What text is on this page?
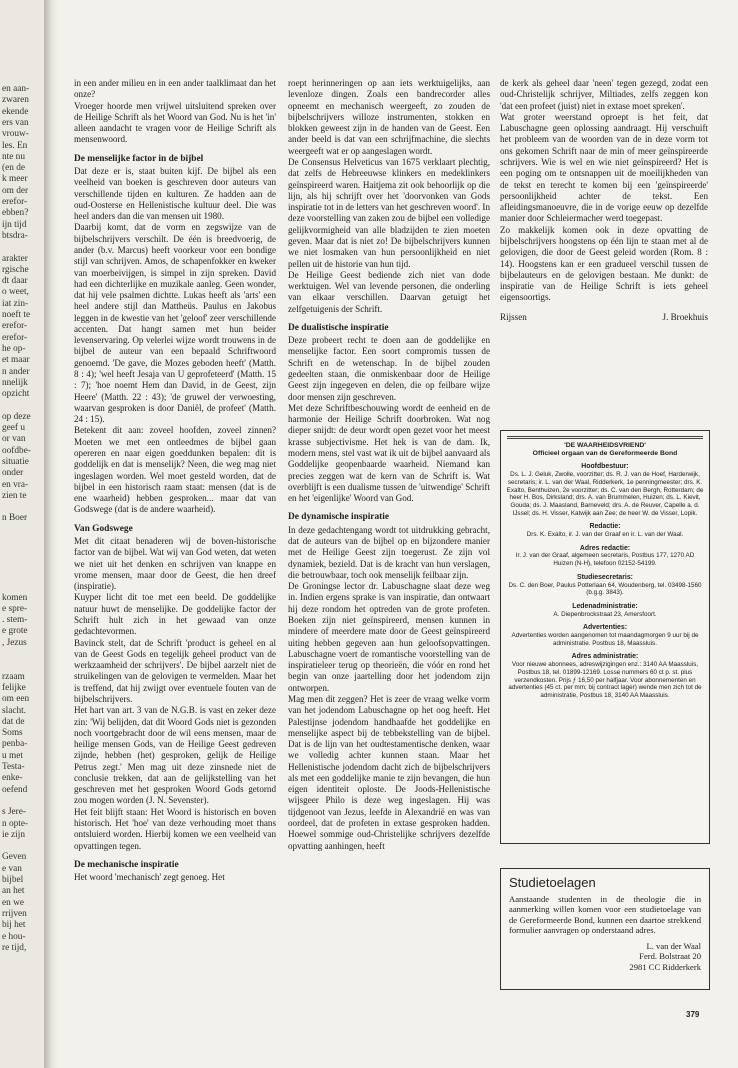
en aan-
zwaren
ekende
ers van
vrouw-
les. En
nte nu
(en de
k meer
om der
erefor-
ebben?
ijn tijd
btsdra-
arakter
rgische
dt daar
o weet,
iat zin-
noeft te
erefor-
erefor-
he op-
et maar
n ander
nnelijk
opzicht
op deze
geef u
or van
oofdbe-
situatie
onder
en vra-
zien te
n Boer
komen
e spre-
. stem-
e grote
, Jezus
rzaam
felijke
om een
slacht.
dat de
Soms
penba-
u met
Testa-
enke-
oefend
s Jere-
n opte-
ie zijn
Geven
e van
bijbel
an het
en we
rrijven
bij het
e hou-
re tijd,

in een ander milieu en in een ander taalklimaat dan het onze?

Vroeger hoorde men vrijwel uitsluitend spreken over de Heilige Schrift als het Woord van God. Nu is het 'in' alleen aandacht te vragen voor de Heilige Schrift als mensenwoord.

De menselijke factor in de bijbel

Dat deze er is, staat buiten kijf. De bijbel als een veelheid van boeken is geschreven door auteurs van verschillende tijden en kulturen. Ze hadden aan de oud-Oosterse en Hellenistische kultuur deel. Die was heel anders dan die van mensen uit 1980.

Daarbij komt, dat de vorm en zegswijze van de bijbelschrijvers verschilt. De één is breedvoerig, de ander (b.v. Marcus) heeft voorkeur voor een bondige stijl van schrijven. Amos, de schapenfokker en kweker van moerbeivijgen, is simpel in zijn spreken. David had een dichterlijke en muzikale aanleg. Geen wonder, dat hij vele psalmen dichtte. Lukas heeft als 'arts' een heel andere stijl dan Mattheüs. Paulus en Jakobus leggen in de kwestie van het 'geloof' zeer verschillende accenten. Dat hangt samen met hun beider levenservaring. Op velerlei wijze wordt trouwens in de bijbel de auteur van een bepaald Schriftwoord genoemd. 'De gave, die Mozes geboden heeft' (Matth. 8 : 4); 'wel heeft Jesaja van U geprofeteerd' (Matth. 15 : 7); 'hoe noemt Hem dan David, in de Geest, zijn Heere' (Matth. 22 : 43); 'de gruwel der verwoesting, waarvan gesproken is door Daniël, de profeet' (Matth. 24 : 15).

Betekent dit aan: zoveel hoofden, zoveel zinnen? Moeten we met een ontleedmes de bijbel gaan opereren en naar eigen goeddunken bepalen: dit is goddelijk en dat is menselijk? Neen, die weg mag niet ingeslagen worden. Wel moet gesteld worden, dat de bijbel in een historisch raam staat: mensen (dat is de ene waarheid) hebben gesproken... maar dat van Godswege (dat is de andere waarheid).

Van Godswege

Met dit citaat benaderen wij de boven-historische factor van de bijbel. Wat wij van God weten, dat weten we niet uit het denken en schrijven van knappe en vrome mensen, maar door de Geest, die hen dreef (inspiratie).

Kuyper licht dit toe met een beeld. De goddelijke natuur huwt de menselijke. De goddelijke factor der Schrift hult zich in het gewaad van onze gedachtevormen.

Bavinck stelt, dat de Schrift 'product is geheel en al van de Geest Gods en tegelijk geheel product van de werkzaamheid der schrijvers'. De bijbel aarzelt niet de struikelingen van de gelovigen te vermelden. Maar het is treffend, dat hij zwijgt over eventuele fouten van de bijbelschrijvers.

Het hart van art. 3 van de N.G.B. is vast en zeker deze zin: 'Wij belijden, dat dit Woord Gods niet is gezonden noch voortgebracht door de wil eens mensen, maar de heilige mensen Gods, van de Heilige Geest gedreven zijnde, hebben (het) gesproken, gelijk de Heilige Petrus zegt.' Men mag uit deze zinsnede niet de conclusie trekken, dat aan de gelijkstelling van het geschreven met het gesproken Woord Gods getornd zou mogen worden (J. N. Sevenster).

Het feit blijft staan: Het Woord is historisch en boven historisch. Het 'hoe' van deze verhouding moet thans ontsluierd worden. Hierbij komen we een veelheid van opvattingen tegen.

De mechanische inspiratie

Het woord 'mechanisch' zegt genoeg. Het

roept herinneringen op aan iets werktuigelijks, aan levenloze dingen. Zoals een bandrecorder alles opneemt en mechanisch weergeeft, zo zouden de bijbelschrijvers willoze instrumenten, stokken en blokken geweest zijn in de handen van de Geest. Een ander beeld is dat van een schrijfmachine, die slechts weergeeft wat er op aangeslagen wordt.

De Consensus Helveticus van 1675 verklaart plechtig, dat zelfs de Hebreeuwse klinkers en medeklinkers geïnspireerd waren. Haitjema zit ook behoorlijk op die lijn, als hij schrijft over het 'doorvonken van Gods inspiratie tot in de letters van het geschreven woord'. In deze voorstelling van zaken zou de bijbel een volledige gelijkvormigheid van alle bladzijden te zien moeten geven. Maar dat is niet zo! De bijbelschrijvers kunnen we niet losmaken van hun persoonlijkheid en niet pellen uit de historie van hun tijd.

De Heilige Geest bediende zich niet van dode werktuigen. Wel van levende personen, die onderling van elkaar verschillen. Daarvan getuigt het zelfgetuigenis der Schrift.

De dualistische inspiratie

Deze probeert recht te doen aan de goddelijke en menselijke factor. Een soort compromis tussen de Schrift en de wetenschap. In de bijbel zouden gedeelten staan, die onmiskenbaar door de Heilige Geest zijn ingegeven en delen, die op feilbare wijze door mensen zijn geschreven.

Met deze Schriftbeschouwing wordt de eenheid en de harmonie der Heilige Schrift doorbroken. Wat nog dieper snijdt: de deur wordt open gezet voor het meest krasse subjectivisme. Het hek is van de dam. Ik, modern mens, stel vast wat ik uit de bijbel aanvaard als Goddelijke geopenbaarde waarheid. Niemand kan precies zeggen wat de kern van de Schrift is. Wat overblijft is een dualisme tussen de 'uitwendige' Schrift en het 'eigenlijke' Woord van God.

De dynamische inspiratie

In deze gedachtengang wordt tot uitdrukking gebracht, dat de auteurs van de bijbel op en bijzondere manier met de Heilige Geest zijn toegerust. Ze zijn vol dynamiek, bezield. Dat is de kracht van hun verslagen, die betrouwbaar, toch ook menselijk feilbaar zijn.

De Groningse lector dr. Labuschagne slaat deze weg in. Indien ergens sprake is van inspiratie, dan ontwaart hij deze rondom het optreden van de grote profeten. Boeken zijn niet geïnspireerd, mensen kunnen in mindere of meerdere mate door de Geest geïnspireerd uiting hebben gegeven aan hun geloofsopvattingen. Labuschagne voert de romantische voorstelling van de inspiratieleer terug op theorieën, die vóór en rond het begin van onze jaartelling door het jodendom zijn ontworpen.

Mag men dit zeggen? Het is zeer de vraag welke vorm van het jodendom Labuschagne op het oog heeft. Het Palestijnse jodendom handhaafde het goddelijke en menselijke aspect bij de tebbekstelling van de bijbel. Dat is de lijn van het oudtestamentische denken, waar we volledig achter kunnen staan. Maar het Hellenistische jodendom dacht zich de bijbelschrijvers als met een goddelijke manie te zijn bevangen, die hun eigen identiteit oploste. De Joods-Hellenistische wijsgeer Philo is deze weg ingeslagen. Hij was tijdgenoot van Jezus, leefde in Alexandrië en was van oordeel, dat de profeten in extase gesproken hadden. Hoewel sommige oud-Christelijke schrijvers dezelfde opvatting aanhingen, heeft

de kerk als geheel daar 'neen' tegen gezegd, zodat een oud-Christelijk schrijver, Miltiades, zelfs zeggen kon 'dat een profeet (juist) niet in extase moet spreken'.

Wat groter weerstand oproept is het feit, dat Labuschagne geen oplossing aandraagt. Hij verschuift het probleem van de woorden van de in deze vorm tot ons gekomen Schrift naar de min of meer geïnspireerde schrijvers. Wie is wel en wie niet geïnspireerd? Het is een poging om te ontsnappen uit de moeilijkheden van de tekst en terecht te komen bij een 'geïnspireerde' persoonlijkheid achter de tekst. Een afleidingsmanoeuvre, die in de vorige eeuw op dezelfde manier door Schleiermacher werd toegepast.

Zo makkelijk komen ook in deze opvatting de bijbelschrijvers hoogstens op één lijn te staan met al de gelovigen, die door de Geest geleid worden (Rom. 8 : 14). Hoogstens kan er een gradueel verschil tussen de bijbelauteurs en de gelovigen bestaan. Me dunkt: de inspiratie van de Heilige Schrift is iets geheel eigensoortigs.

Rijssen	J. Broekhuis
'DE WAARHEIDSVRIEND'
Officieel orgaan van de Gereformeerde Bond
Hoofdbestuur:

Ds. L. J. Geluk, Zwolle, voorzitter; ds. R. J. van de Hoef, Harderwijk, secretaris; ir. L. van der Waal, Ridderkerk, 1e penningmeester; drs. K. Exalto, Benthuizen, 2e voorzitter; ds. C. van den Bergh, Rotterdam; de heer H. Bos, Dirksland; drs. A. van Brummelen, Huizen; ds. L. Kievit, Gouda; ds. J. Maasland, Barneveld; drs. A. de Reuver, Capelle a. d. IJssel; ds. H. Visser, Katwijk aan Zee; de heer W. de Visser, Lopik.

Redactie:

Drs. K. Exalto, ir. J. van der Graaf en ir. L. van der Waal.

Adres redactie:

Ir. J. van der Graaf, algemeen secretaris, Postbus 177, 1270 AD Huizen (N-H), telefoon 02152-54199.

Studiesecretaris:

Ds. C. den Boer, Paulus Potterlaan 64, Woudenberg, tel. 03498-1560 (b.g.g. 3843).

Ledenadministratie:

A. Diepenbrockstraat 23, Amersfoort.

Advertenties:

Advertenties worden aangenomen tot maandagmorgen 9 uur bij de administratie. Postbus 18, Maassluis.

Adres administratie:

Voor nieuwe abonnees, adreswijzigingen enz.: 3140 AA Maassluis, Postbus 18, tel. 01899-12169. Losse nummers 60 ct p. st. plus verzendkosten. Prijs ƒ 16,50 per halfjaar. Voor abonnementen en advertenties (45 ct. per mm; bij contract lager) wende men zich tot de administratie, Postbus 18, 3140 AA Maassluis.

Studietoelagen

Aanstaande studenten in de theologie die in aanmerking willen komen voor een studietoelage van de Gereformeerde Bond, kunnen een daartoe strekkend formulier aanvragen op onderstaand adres.

L. van der Waal
Ferd. Bolstraat 20
2981 CC Ridderkerk
379
